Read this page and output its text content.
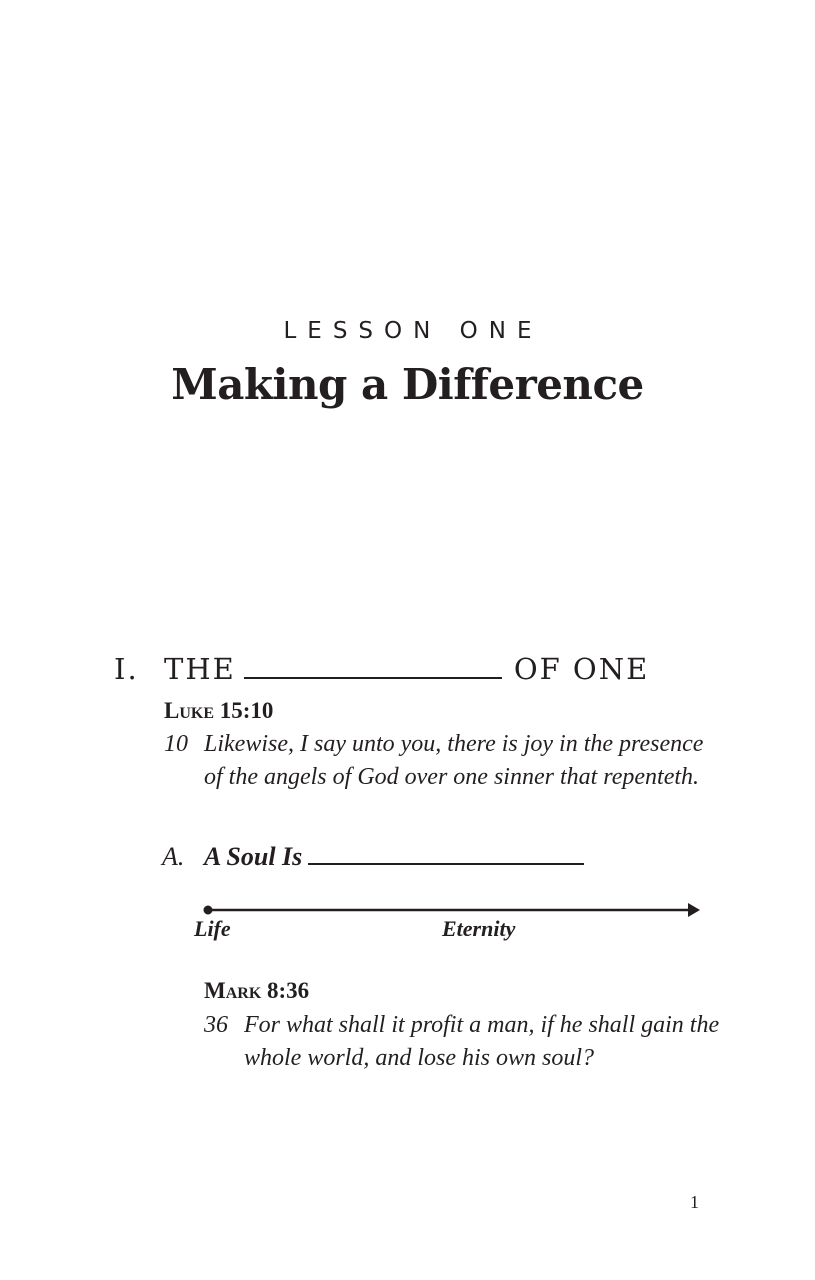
LESSON ONE
Making a Difference
I. THE	OF ONE
Luke 15:10
10 Likewise, I say unto you, there is joy in the presence of the angels of God over one sinner that repenteth.
A. A Soul Is
Life	Eternity
Mark 8:36
36 For what shall it profit a man, if he shall gain the whole world, and lose his own soul?
1
